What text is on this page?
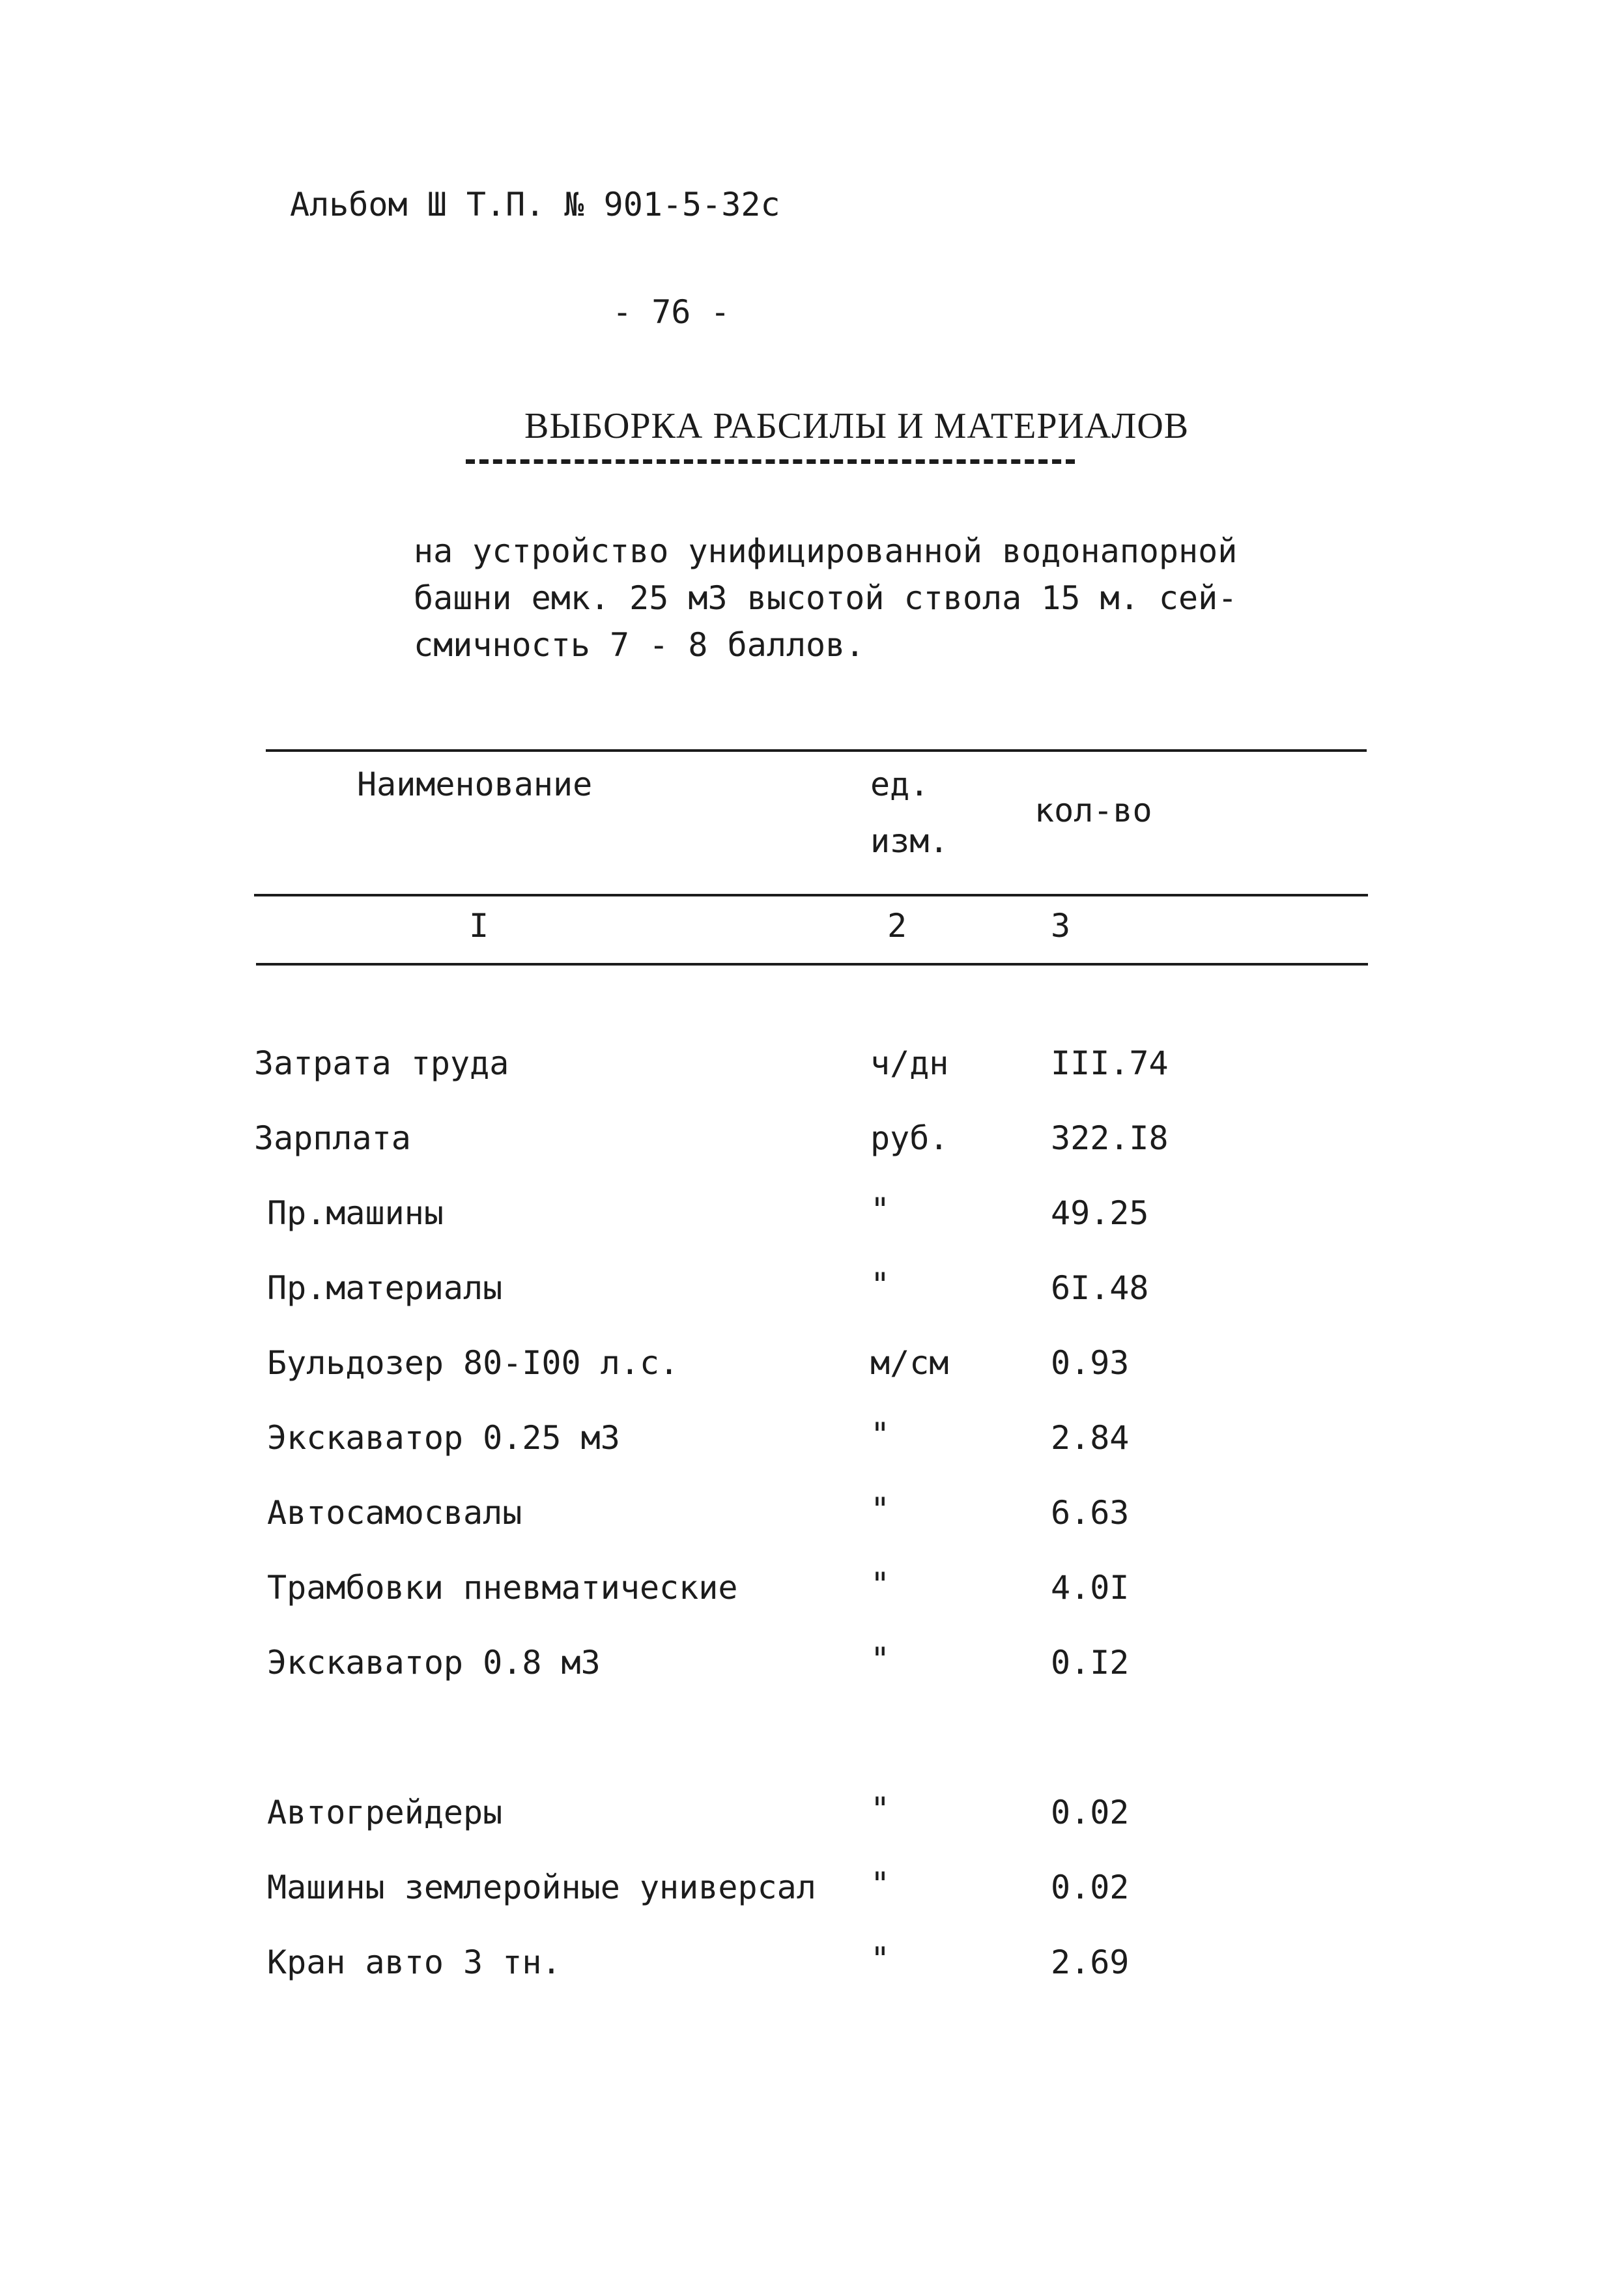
Альбом Ш Т.П. № 901-5-32с
- 76 -
ВЫБОРКА РАБСИЛЫ И МАТЕРИАЛОВ
на устройство унифицированной водонапорной
башни емк. 25 м3 высотой ствола 15 м. сей-
смичность 7 - 8 баллов.
Наименование	ед.
изм.
кол-во
I	2	3
Затрата труда	ч/дн	III.74
Зарплата	руб.	322.I8
Пр.машины	"	49.25
Пр.материалы	"	6I.48
Бульдозер 80-I00 л.с.	м/см	0.93
Экскаватор 0.25 м3	"	2.84
Автосамосвалы	"	6.63
Трамбовки пневматические	"	4.0I
Экскаватор 0.8 м3	"	0.I2
Автогрейдеры	"	0.02
Машины землеройные универсал "	0.02
Кран авто 3 тн.	"	2.69
